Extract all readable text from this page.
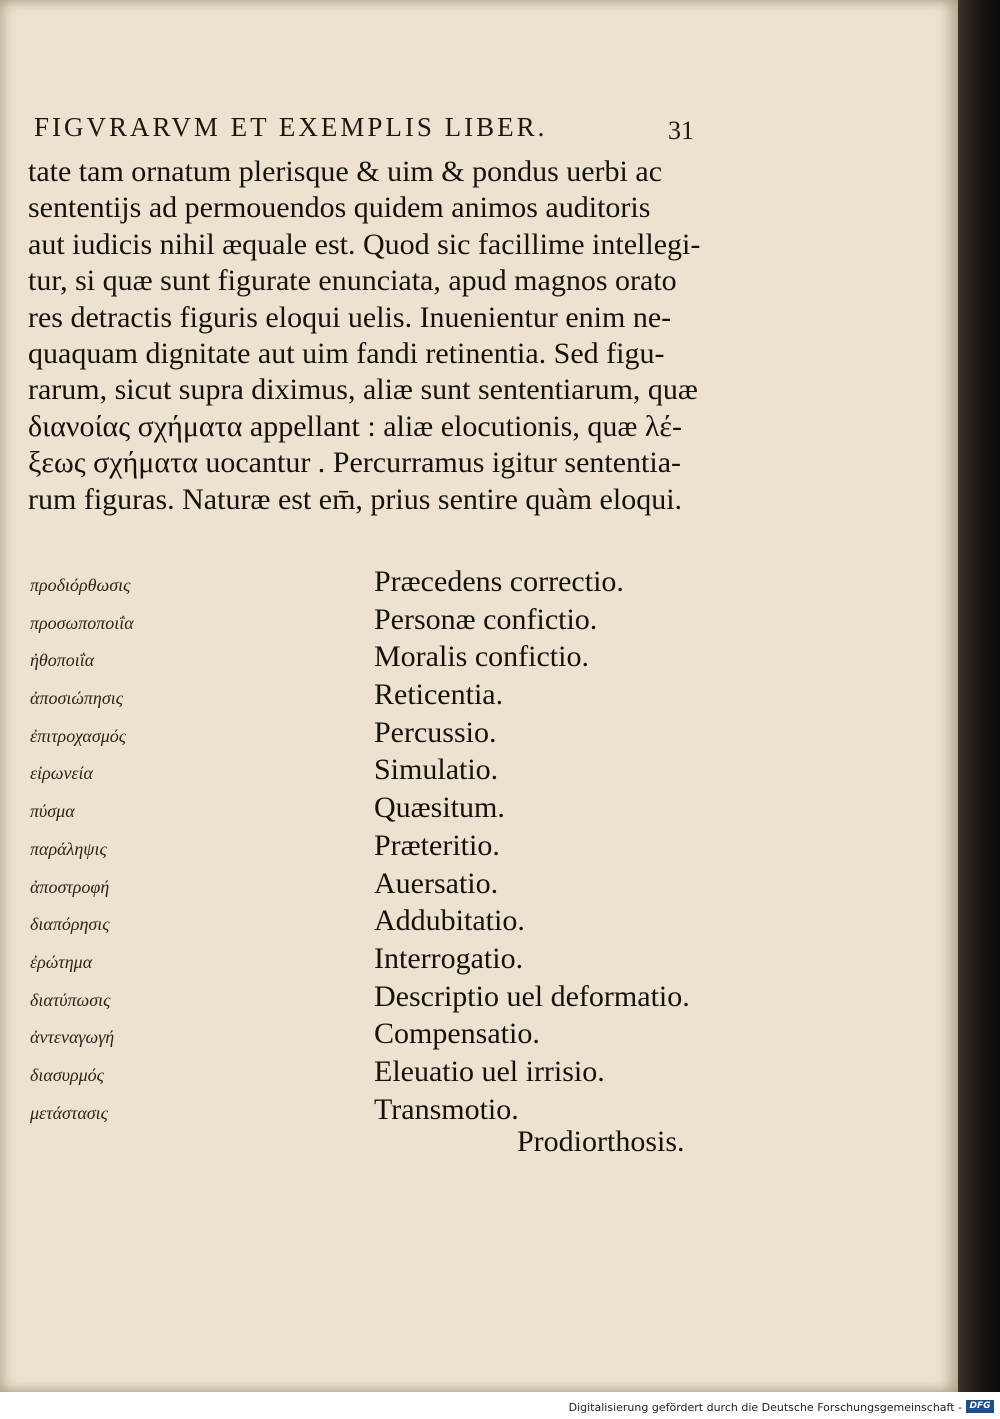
FIGVRARVM ET EXEMPLIS LIBER.	31
tate tam ornatum plerisque & uim & pondus uerbi ac
sententijs ad permouendos quidem animos auditoris
aut iudicis nihil æquale est. Quod sic facillime intellegi-
tur, si quæ sunt figurate enunciata, apud magnos orato
res detractis figuris eloqui uelis. Inuenientur enim ne-
quaquam dignitate aut uim fandi retinentia. Sed figu-
rarum, sicut supra diximus, aliæ sunt sententiarum, quæ
διανοίας σχήματα appellant : aliæ elocutionis, quæ λέ-
ξεως σχήματα uocantur . Percurramus igitur sententia-
rum figuras. Naturæ est em̄, prius sentire quàm eloqui.
προδιόρθωσις	Præcedens correctio.
προσωποποιΐα	Personæ confictio.
ἠθοποιΐα	Moralis confictio.
ἀποσιώπησις	Reticentia.
ἐπιτροχασμός	Percussio.
εἰρωνεία	Simulatio.
πύσμα	Quæsitum.
παράληψις	Præteritio.
ἀποστροφή	Auersatio.
διαπόρησις	Addubitatio.
ἐρώτημα	Interrogatio.
διατύπωσις	Descriptio uel deformatio.
ἀντεναγωγή	Compensatio.
διασυρμός	Eleuatio uel irrisio.
μετάστασις	Transmotio.
Prodiorthosis.
Digitalisierung gefördert durch die Deutsche Forschungsgemeinschaft - DFG
